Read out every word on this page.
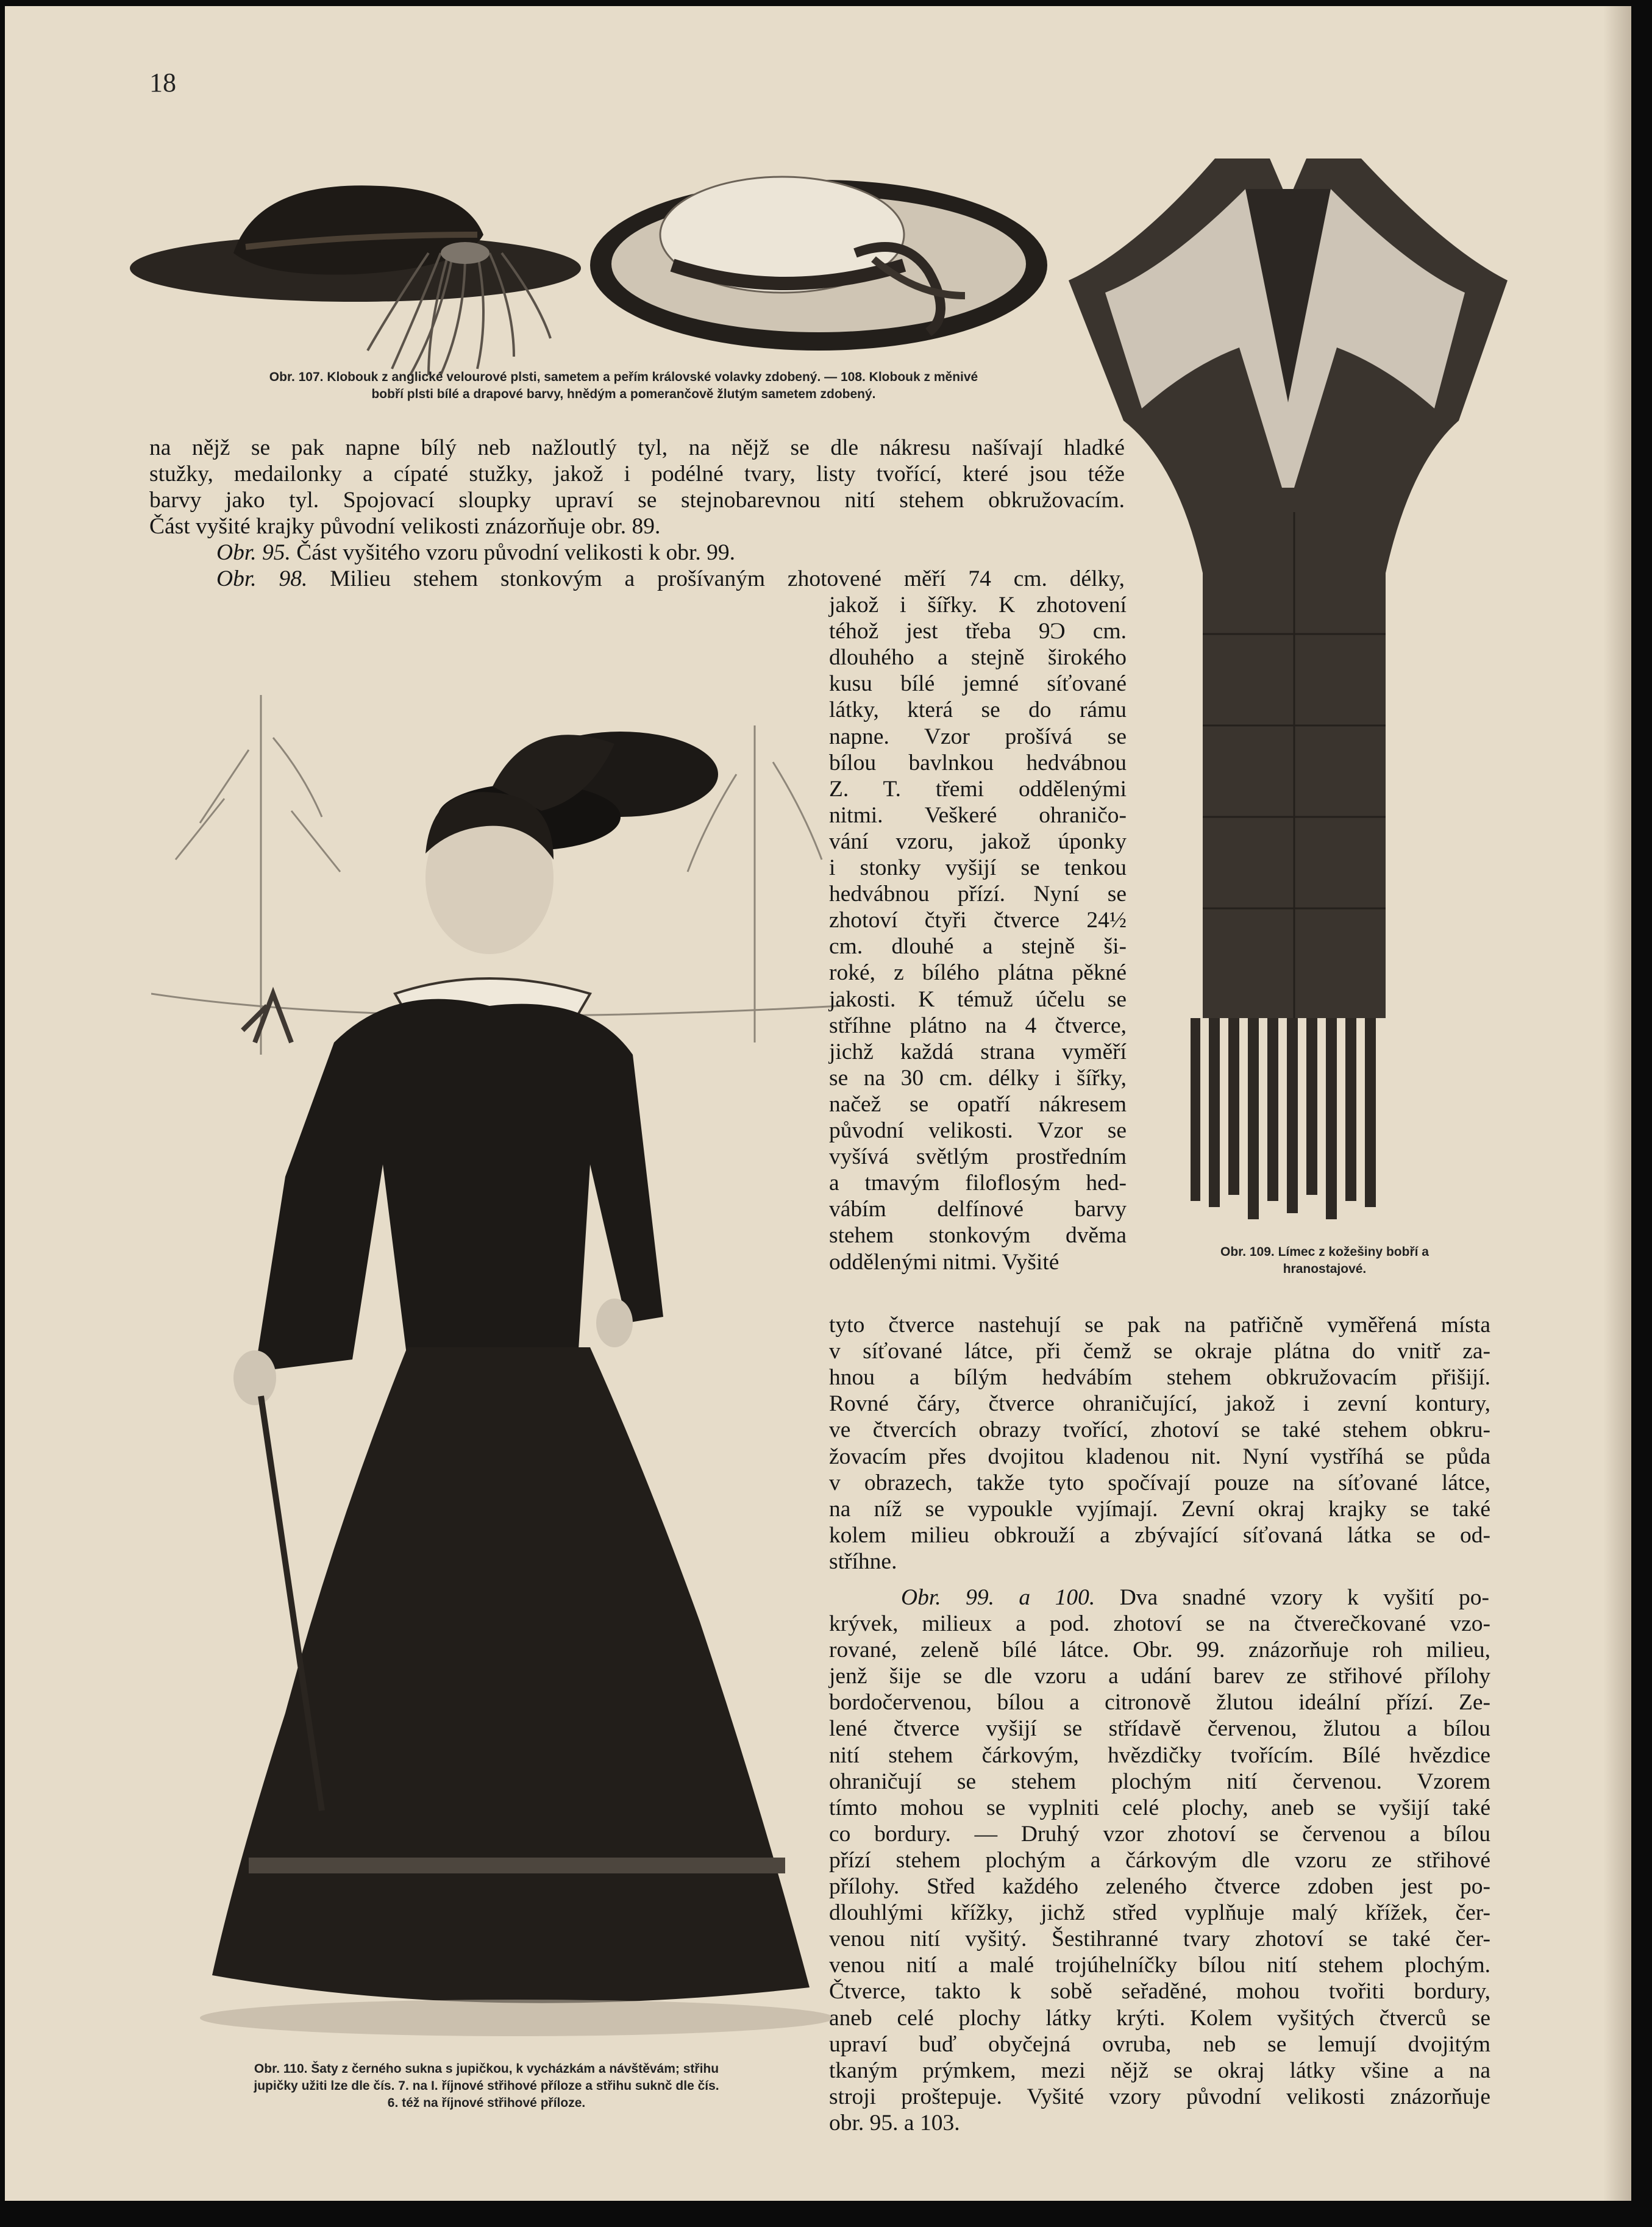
18
Obr. 107. Klobouk z anglické velourové plsti, sametem a peřím královské volavky zdobený. — 108. Klobouk z měnivé
bobří plsti bílé a drapové barvy, hnědým a pomerančově žlutým sametem zdobený.
Obr. 109. Límec z kožešiny bobří a
hranostajové.
Obr. 110. Šaty z černého sukna s jupičkou, k vycházkám a návštěvám; střihu
jupičky užiti lze dle čís. 7. na I. říjnové střihové příloze a střihu suknč dle čís.
6. též na říjnové střihové příloze.
na nějž se pak napne bílý neb nažloutlý tyl, na nějž se dle nákresu našívají hladké
stužky, medailonky a cípaté stužky, jakož i podélné tvary, listy tvořící, které jsou téže
barvy jako tyl. Spojovací sloupky upraví se stejnobarevnou nití stehem obkružovacím.
Část vyšité krajky původní velikosti znázorňuje obr. 89.
Obr. 95. Část vyšitého vzoru původní velikosti k obr. 99.
Obr. 98. Milieu stehem stonkovým a prošívaným zhotovené měří 74 cm. délky,
jakož i šířky. K zhotovení
téhož jest třeba 9Ͻ cm.
dlouhého a stejně širokého
kusu bílé jemné síťované
látky, která se do rámu
napne. Vzor prošívá se
bílou bavlnkou hedvábnou
Z. T. třemi oddělenými
nitmi. Veškeré ohraničo-
vání vzoru, jakož úponky
i stonky vyšijí se tenkou
hedvábnou přízí. Nyní se
zhotoví čtyři čtverce 24½
cm. dlouhé a stejně ši-
roké, z bílého plátna pěkné
jakosti. K témuž účelu se
stříhne plátno na 4 čtverce,
jichž každá strana vyměří
se na 30 cm. délky i šířky,
načež se opatří nákresem
původní velikosti. Vzor se
vyšívá světlým prostředním
a tmavým filoflosým hed-
vábím delfínové barvy
stehem stonkovým dvěma
oddělenými nitmi. Vyšité
tyto čtverce nastehují se pak na patřičně vyměřená místa
v síťované látce, při čemž se okraje plátna do vnitř za-
hnou a bílým hedvábím stehem obkružovacím přišijí.
Rovné čáry, čtverce ohraničující, jakož i zevní kontury,
ve čtvercích obrazy tvořící, zhotoví se také stehem obkru-
žovacím přes dvojitou kladenou nit. Nyní vystříhá se půda
v obrazech, takže tyto spočívají pouze na síťované látce,
na níž se vypoukle vyjímají. Zevní okraj krajky se také
kolem milieu obkrouží a zbývající síťovaná látka se od-
stříhne.
Obr. 99. a 100. Dva snadné vzory k vyšití po-
krývek, milieux a pod. zhotoví se na čtverečkované vzo-
rované, zeleně bílé látce. Obr. 99. znázorňuje roh milieu,
jenž šije se dle vzoru a udání barev ze střihové přílohy
bordočervenou, bílou a citronově žlutou ideální přízí. Ze-
lené čtverce vyšijí se střídavě červenou, žlutou a bílou
nití stehem čárkovým, hvězdičky tvořícím. Bílé hvězdice
ohraničují se stehem plochým nití červenou. Vzorem
tímto mohou se vyplniti celé plochy, aneb se vyšijí také
co bordury. — Druhý vzor zhotoví se červenou a bílou
přízí stehem plochým a čárkovým dle vzoru ze střihové
přílohy. Střed každého zeleného čtverce zdoben jest po-
dlouhlými křížky, jichž střed vyplňuje malý křížek, čer-
venou nití vyšitý. Šestihranné tvary zhotoví se také čer-
venou nití a malé trojúhelníčky bílou nití stehem plochým.
Čtverce, takto k sobě seřaděné, mohou tvořiti bordury,
aneb celé plochy látky krýti. Kolem vyšitých čtverců se
upraví buď obyčejná ovruba, neb se lemují dvojitým
tkaným prýmkem, mezi nějž se okraj látky všine a na
stroji proštepuje. Vyšité vzory původní velikosti znázorňuje
obr. 95. a 103.
